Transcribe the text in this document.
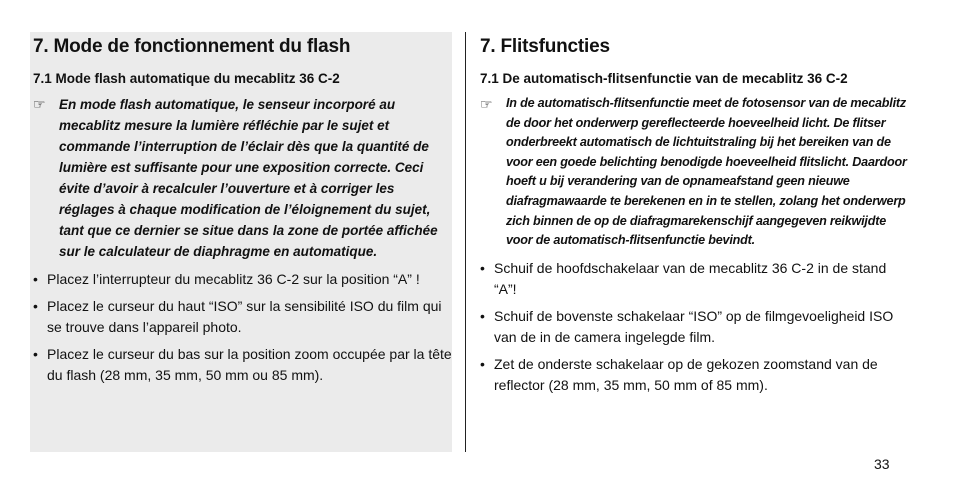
7. Mode de fonctionnement du flash
7.1 Mode flash automatique du mecablitz 36 C-2
☞ En mode flash automatique, le senseur incorporé au mecablitz mesure la lumière réfléchie par le sujet et commande l’interruption de l’éclair dès que la quantité de lumière est suffisante pour une exposition correcte. Ceci évite d’avoir à recalculer l’ouverture et à corriger les réglages à chaque modification de l’éloignement du sujet, tant que ce dernier se situe dans la zone de portée affichée sur le calculateur de diaphragme en automatique.
• Placez l’interrupteur du mecablitz 36 C-2 sur la position “A” !
• Placez le curseur du haut “ISO” sur la sensibilité ISO du film qui se trouve dans l’appareil photo.
• Placez le curseur du bas sur la position zoom occupée par la tête du flash (28 mm, 35 mm, 50 mm ou 85 mm).
7. Flitsfuncties
7.1 De automatisch-flitsenfunctie van de mecablitz 36 C-2
☞	In de automatisch-flitsenfunctie meet de fotosensor van de mecablitz de door het onderwerp gereflecteerde hoeveelheid licht. De flitser onderbreekt automatisch de lichtuitstraling bij het bereiken van de voor een goede belichting benodigde hoeveelheid flitslicht. Daardoor hoeft u bij verandering van de opnameafstand geen nieuwe diafragmawaarde te berekenen en in te stellen, zolang het onderwerp zich binnen de op de diafragmarekenschijf aangegeven reikwijdte voor de automatisch-flitsenfunctie bevindt.
• Schuif de hoofdschakelaar van de mecablitz 36 C-2 in de stand “A”!
• Schuif de bovenste schakelaar “ISO” op de filmgevoeligheid ISO van de in de camera ingelegde film.
• Zet de onderste schakelaar op de gekozen zoomstand van de reflector (28 mm, 35 mm, 50 mm of 85 mm).
33
